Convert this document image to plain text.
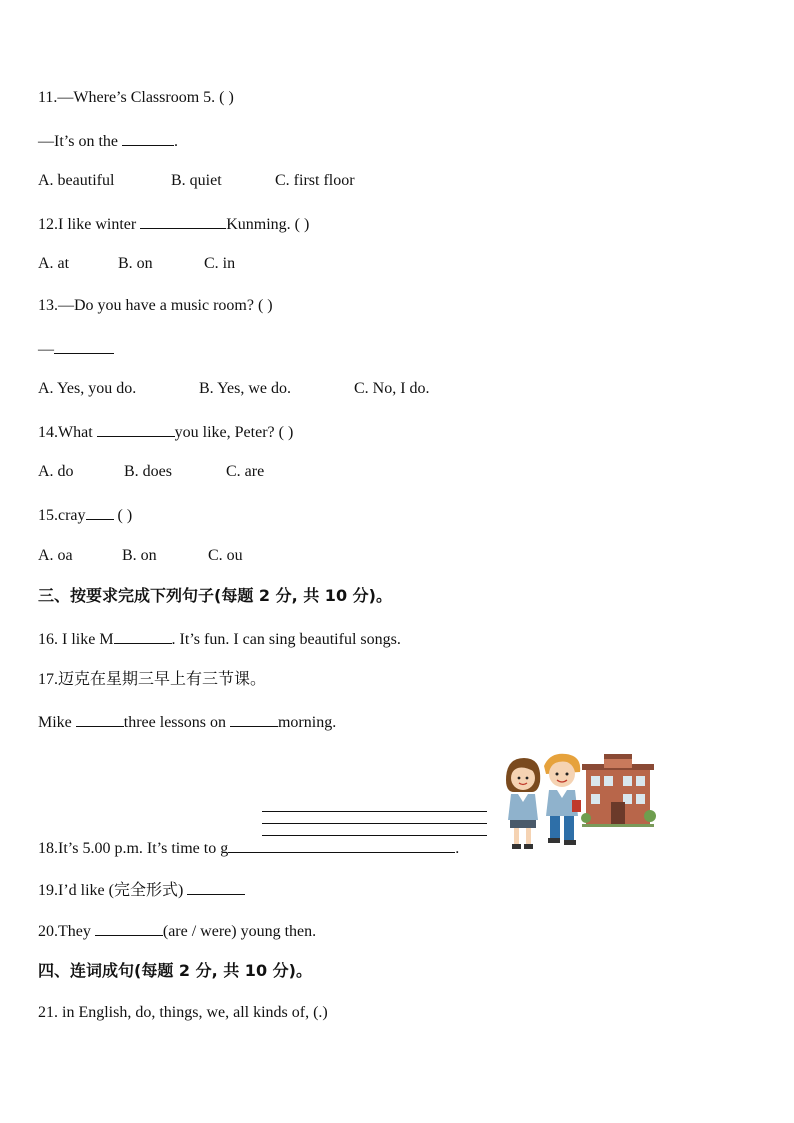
11.—Where’s Classroom 5. ( )
—It’s on the	.
A. beautiful	B. quiet	C. first floor
12.I like winter	Kunming. ( )
A. at	B. on	C. in
13.—Do you have a music room? ( )
—
A. Yes, you do.	B. Yes, we do.	C. No, I do.
14.What	you like, Peter? ( )
A. do	B. does	C. are
15.cray ( )
A. oa	B. on	C. ou
三、按要求完成下列句子(每题 2 分, 共 10 分)。
16. I like M	. It’s fun. I can sing beautiful songs.
17.迈克在星期三早上有三节课。
Mike	three lessons on	morning.
18.It’s 5.00 p.m. It’s time to g	.
19.I’d like (完全形式)
20.They	(are / were) young then.
四、连词成句(每题 2 分, 共 10 分)。
21. in English, do, things, we, all kinds of, (.)
